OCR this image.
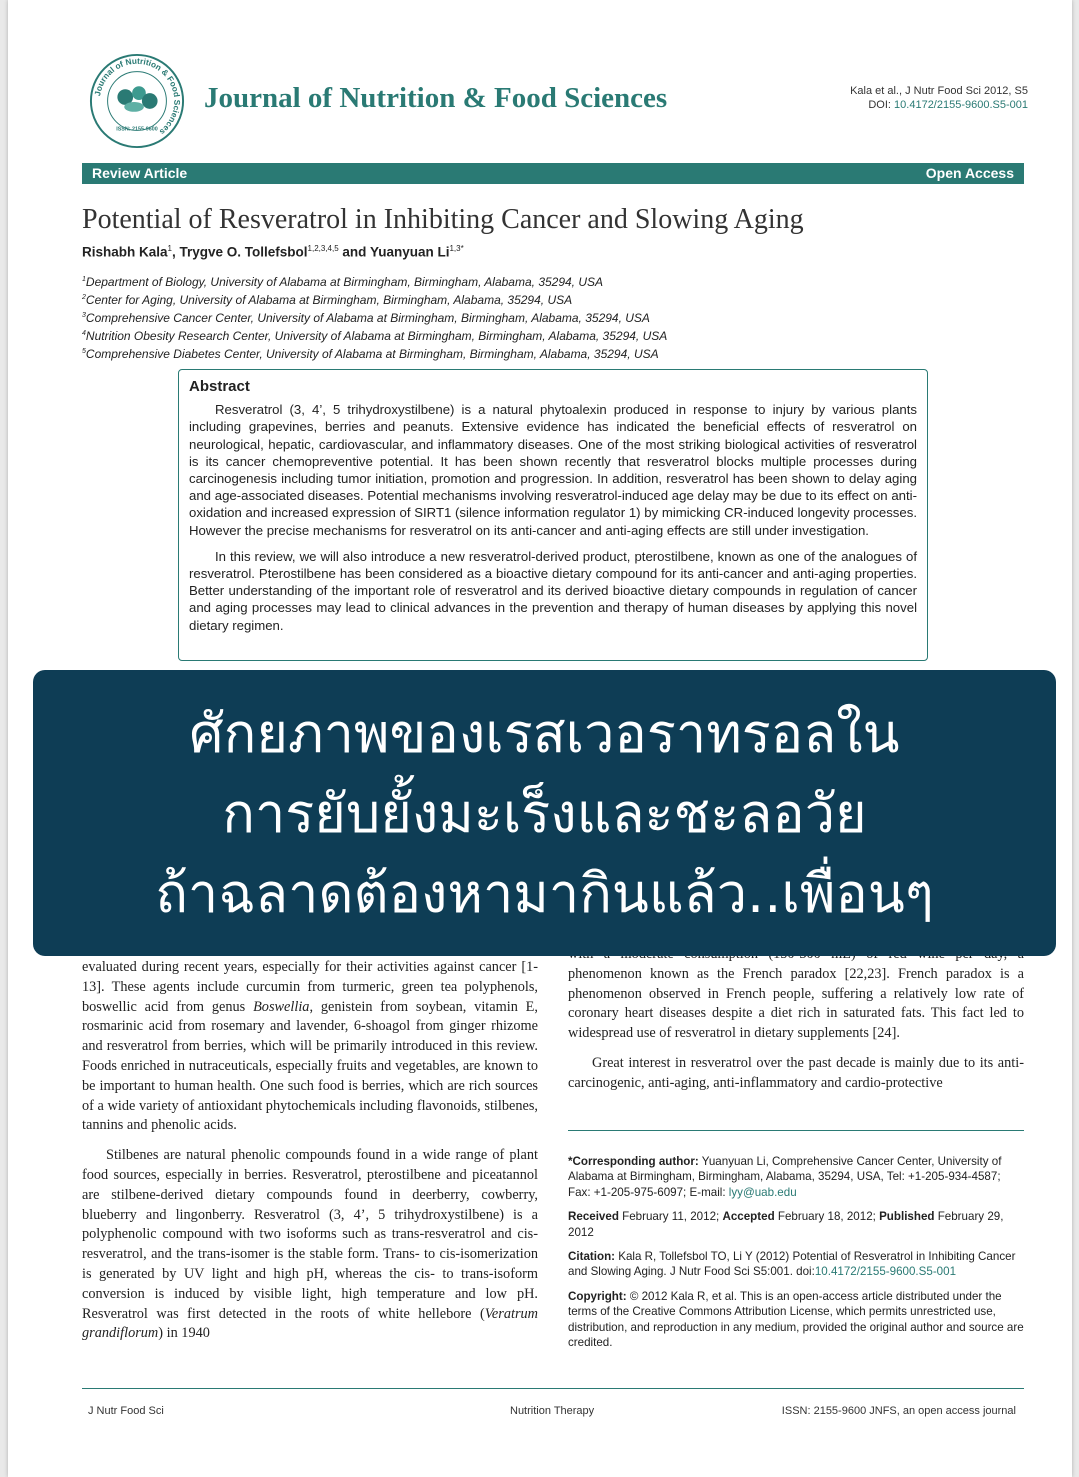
Journal of Nutrition & Food Sciences
ISSN: 2155-9600
Journal of Nutrition & Food Sciences	Kala et al., J Nutr Food Sci 2012, S5
DOI: 10.4172/2155-9600.S5-001
Review Article	Open Access
Potential of Resveratrol in Inhibiting Cancer and Slowing Aging
Rishabh Kala$^1$, Trygve O. Tollefsbol$^{1,2,3,4,5}$ and Yuanyuan $Li^{1,3*}$
$^1$Department of Biology, University of Alabama at Birmingham, Birmingham, Alabama, 35294, USA
$^2$Center for Aging, University of Alabama at Birmingham, Birmingham, Alabama, 35294, USA
$^3$Comprehensive Cancer Center, University of Alabama at Birmingham, Birmingham, Alabama, 35294, USA
$^4$Nutrition Obesity Research Center, University of Alabama at Birmingham, Birmingham, Alabama, 35294, USA
$^5$Comprehensive Diabetes Center, University of Alabama at Birmingham, Birmingham, Alabama, 35294, USA
Abstract

Resveratrol (3, 4’, 5 trihydroxystilbene) is a natural phytoalexin produced in response to injury by various plants including grapevines, berries and peanuts. Extensive evidence has indicated the beneficial effects of resveratrol on neurological, hepatic, cardiovascular, and inflammatory diseases. One of the most striking biological activities of resveratrol is its cancer chemopreventive potential. It has been shown recently that resveratrol blocks multiple processes during carcinogenesis including tumor initiation, promotion and progression. In addition, resveratrol has been shown to delay aging and age-associated diseases. Potential mechanisms involving resveratrol-induced age delay may be due to its effect on anti-oxidation and increased expression of SIRT1 (silence information regulator 1) by mimicking CR-induced longevity processes. However the precise mechanisms for resveratrol on its anti-cancer and anti-aging effects are still under investigation.

In this review, we will also introduce a new resveratrol-derived product, pterostilbene, known as one of the analogues of resveratrol. Pterostilbene has been considered as a bioactive dietary compound for its anti-cancer and anti-aging properties. Better understanding of the important role of resveratrol and its derived bioactive dietary compounds in regulation of cancer and aging processes may lead to clinical advances in the prevention and therapy of human diseases by applying this novel dietary regimen.

phenomenon known as the French paradox [22,23]. French paradox is a phenomenon observed in French people, suffering a relatively low rate of coronary heart diseases despite a diet rich in saturated fats. This fact led to widespread use of resveratrol in dietary supplements [24].

Great interest in resveratrol over the past decade is mainly due to its anti-carcinogenic, anti-aging, anti-inflammatory and cardio-protective

evaluated during recent years, especially for their activities against cancer [1-13]. These agents include curcumin from turmeric, green tea polyphenols, boswellic acid from genus Boswellia, genistein from soybean, vitamin E, rosmarinic acid from rosemary and lavender, 6-shoagol from ginger rhizome and resveratrol from berries, which will be primarily introduced in this review. Foods enriched in nutraceuticals, especially fruits and vegetables, are known to be important to human health. One such food is berries, which are rich sources of a wide variety of antioxidant phytochemicals including flavonoids, stilbenes, tannins and phenolic acids.

Stilbenes are natural phenolic compounds found in a wide range of plant food sources, especially in berries. Resveratrol, pterostilbene and piceatannol are stilbene-derived dietary compounds found in deerberry, cowberry, blueberry and lingonberry. Resveratrol (3, 4’, 5 trihydroxystilbene) is a polyphenolic compound with two isoforms such as trans-resveratrol and cis-resveratrol, and the trans-isomer is the stable form. Trans- to cis-isomerization is generated by UV light and high pH, whereas the cis- to trans-isoform conversion is induced by visible light, high temperature and low pH. Resveratrol was first detected in the roots of white hellebore (Veratrum grandiflorum) in 1940

*Corresponding author: Yuanyuan Li, Comprehensive Cancer Center, University of Alabama at Birmingham, Birmingham, Alabama, 35294, USA, Tel: +1-205-934-4587; Fax: +1-205-975-6097; E-mail: lyy@uab.edu

Received February 11, 2012; Accepted February 18, 2012; Published February 29, 2012

Citation: Kala R, Tollefsbol TO, Li Y (2012) Potential of Resveratrol in Inhibiting Cancer and Slowing Aging. J Nutr Food Sci S5:001. doi:10.4172/2155-9600.S5-001

Copyright: © 2012 Kala R, et al. This is an open-access article distributed under the terms of the Creative Commons Attribution License, which permits unrestricted use, distribution, and reproduction in any medium, provided the original author and source are credited.

J Nutr Food Sci	Nutrition Therapy	ISSN: 2155-9600 JNFS, an open access journal
ศักยภาพของเรสเวอราทรอลใน
การยับยั้งมะเร็งและชะลอวัย
ถ้าฉลาดต้องหามากินแล้ว..เพื่อนๆ
